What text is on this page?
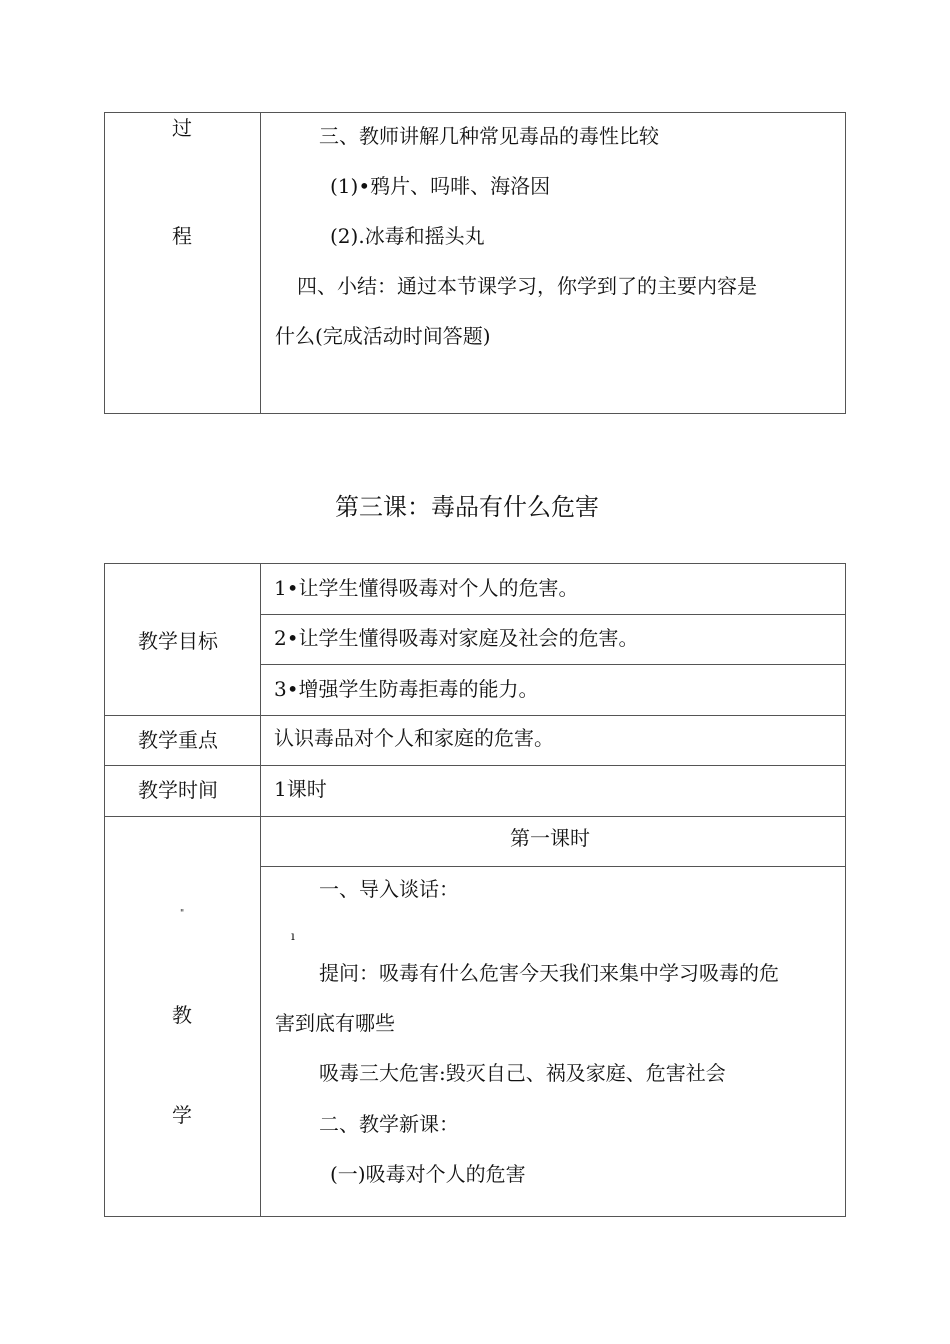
过
程
三、教师讲解几种常见毒品的毒性比较
(1)•鸦片、吗啡、海洛因
(2).冰毒和摇头丸
四、小结：通过本节课学习，你学到了的主要内容是
什么(完成活动时间答题)
第三课：毒品有什么危害
教学目标
1•让学生懂得吸毒对个人的危害。
2•让学生懂得吸毒对家庭及社会的危害。
3•增强学生防毒拒毒的能力。
教学重点	认识毒品对个人和家庭的危害。
教学时间	1课时
"
教
学
第一课时
一、导入谈话：
ı
提问：吸毒有什么危害今天我们来集中学习吸毒的危
害到底有哪些
吸毒三大危害:毁灭自己、祸及家庭、危害社会
二、教学新课：
(一)吸毒对个人的危害
